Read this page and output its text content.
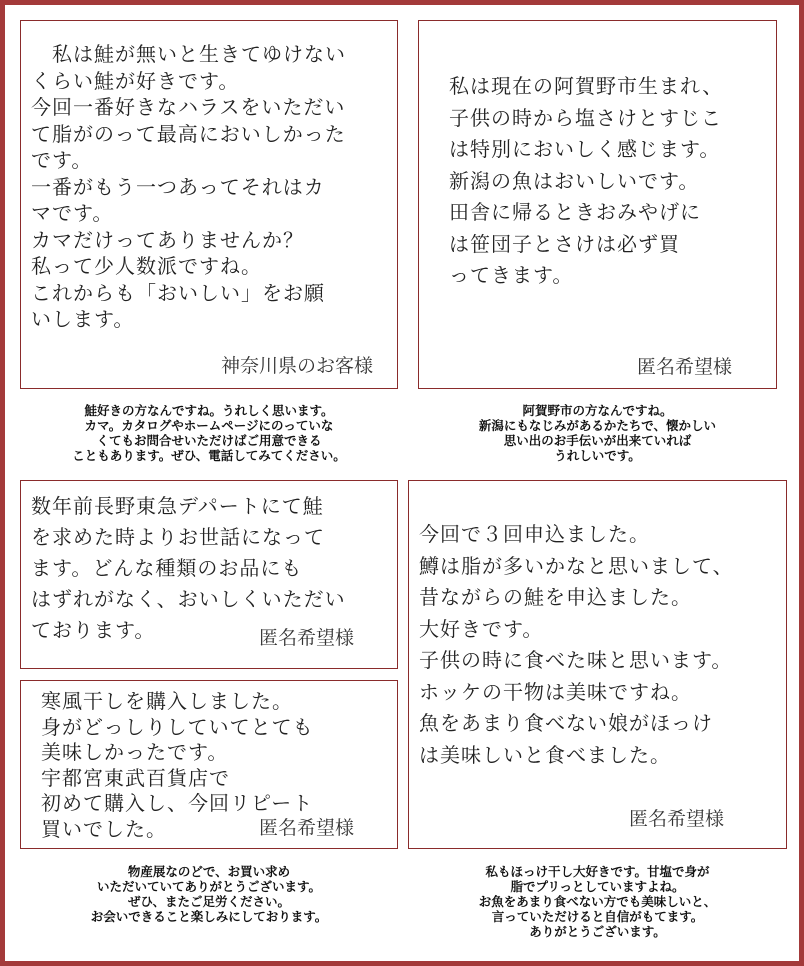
　私は鮭が無いと生きてゆけない
くらい鮭が好きです。
今回一番好きなハラスをいただい
て脂がのって最高においしかった
です。
一番がもう一つあってそれはカ
マです。
カマだけってありませんか？
私って少人数派ですね。
これからも「おいしい」をお願
いします。

神奈川県のお客様

私は現在の阿賀野市生まれ、
子供の時から塩さけとすじこ
は特別においしく感じます。
新潟の魚はおいしいです。
田舎に帰るときおみやげに
は笹団子とさけは必ず買
ってきます。

匿名希望様

鮭好きの方なんですね。うれしく思います。
カマ。カタログやホームページにのっていな
くてもお問合せいただけばご用意できる
こともあります。ぜひ、電話してみてください。

阿賀野市の方なんですね。
新潟にもなじみがあるかたちで、懐かしい
思い出のお手伝いが出来ていれば
うれしいです。

数年前長野東急デパートにて鮭
を求めた時よりお世話になって
ます。どんな種類のお品にも
はずれがなく、おいしくいただい
ております。	匿名希望様

今回で３回申込ました。
鱒は脂が多いかなと思いまして、
昔ながらの鮭を申込ました。
大好きです。
子供の時に食べた味と思います。
ホッケの干物は美味ですね。
魚をあまり食べない娘がほっけ
は美味しいと食べました。

匿名希望様

寒風干しを購入しました。
身がどっしりしていてとても
美味しかったです。
宇都宮東武百貨店で
初めて購入し、今回リピート
買いでした。	匿名希望様

物産展なのどで、お買い求め
いただいていてありがとうございます。
ぜひ、またご足労ください。
お会いできること楽しみにしております。

私もほっけ干し大好きです。甘塩で身が
脂でプリっとしていますよね。
お魚をあまり食べない方でも美味しいと、
言っていただけると自信がもてます。
ありがとうございます。
